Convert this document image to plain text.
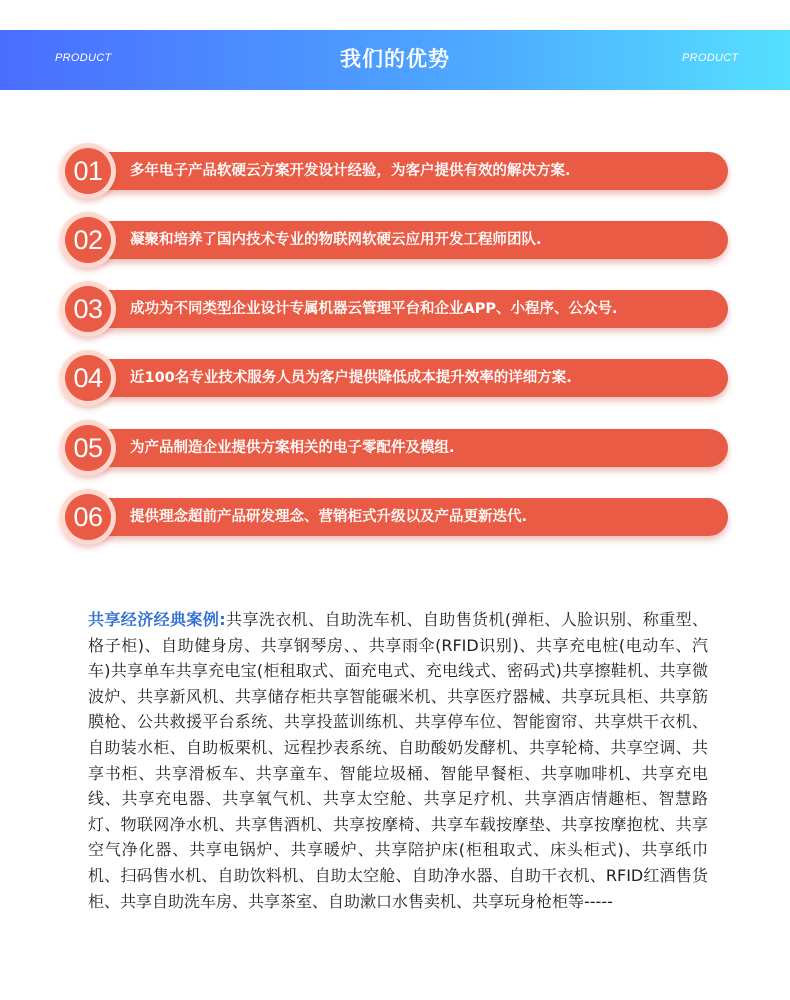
PRODUCT	我们的优势	PRODUCT
多年电子产品软硬云方案开发设计经验，为客户提供有效的解决方案.
01
凝聚和培养了国内技术专业的物联网软硬云应用开发工程师团队.
02
成功为不同类型企业设计专属机器云管理平台和企业APP、小程序、公众号.
03
近100名专业技术服务人员为客户提供降低成本提升效率的详细方案.
04
为产品制造企业提供方案相关的电子零配件及模组.
05
提供理念超前产品研发理念、营销柜式升级以及产品更新迭代.
06

共享经济经典案例:共享洗衣机、自助洗车机、自助售货机(弹柜、人脸识别、称重型、格子柜)、自助健身房、共享钢琴房、、共享雨伞(RFID识别)、共享充电桩(电动车、汽车)共享单车共享充电宝(柜租取式、面充电式、充电线式、密码式)共享擦鞋机、共享微波炉、共享新风机、共享储存柜共享智能碾米机、共享医疗器械、共享玩具柜、共享筋膜枪、公共救援平台系统、共享投蓝训练机、共享停车位、智能窗帘、共享烘干衣机、自助装水柜、自助板栗机、远程抄表系统、自助酸奶发酵机、共享轮椅、共享空调、共享书柜、共享滑板车、共享童车、智能垃圾桶、智能早餐柜、共享咖啡机、共享充电线、共享充电器、共享氧气机、共享太空舱、共享足疗机、共享酒店情趣柜、智慧路灯、物联网净水机、共享售酒机、共享按摩椅、共享车载按摩垫、共享按摩抱枕、共享空气净化器、共享电锅炉、共享暖炉、共享陪护床(柜租取式、床头柜式)、共享纸巾机、扫码售水机、自助饮料机、自助太空舱、自助净水器、自助干衣机、RFID红酒售货柜、共享自助洗车房、共享茶室、自助漱口水售卖机、共享玩身枪柜等-----
